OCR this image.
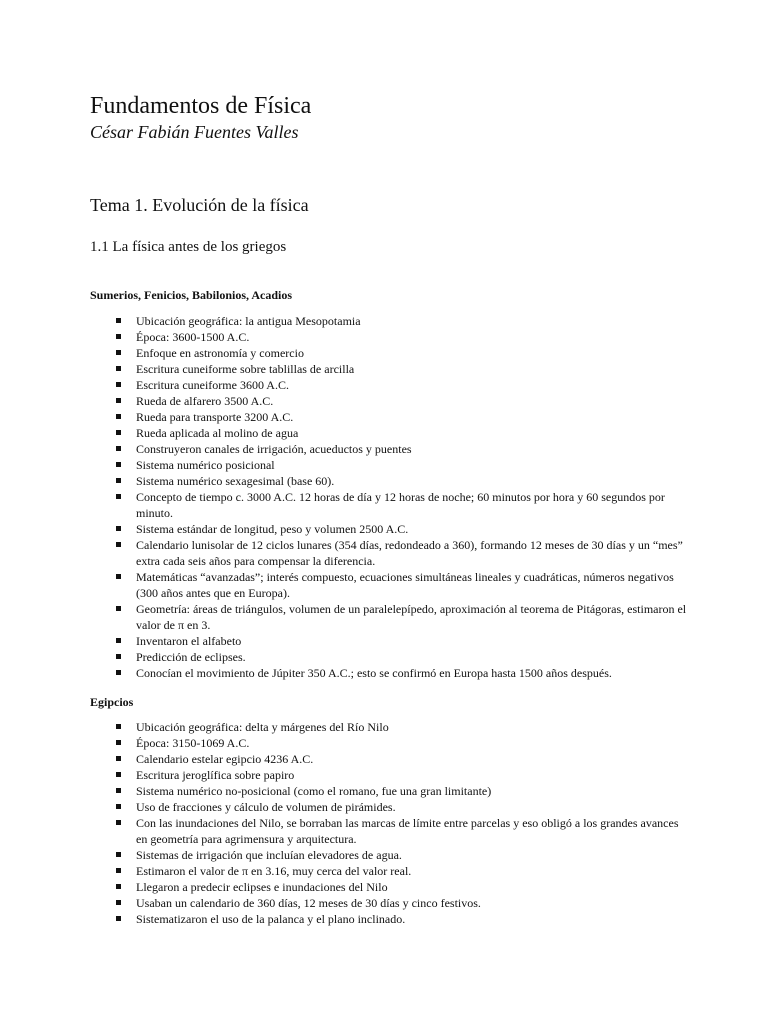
Fundamentos de Física
César Fabián Fuentes Valles
Tema 1. Evolución de la física
1.1 La física antes de los griegos
Sumerios, Fenicios, Babilonios, Acadios
Ubicación geográfica: la antigua Mesopotamia
Época: 3600-1500 A.C.
Enfoque en astronomía y comercio
Escritura cuneiforme sobre tablillas de arcilla
Escritura cuneiforme 3600 A.C.
Rueda de alfarero 3500 A.C.
Rueda para transporte 3200 A.C.
Rueda aplicada al molino de agua
Construyeron canales de irrigación, acueductos y puentes
Sistema numérico posicional
Sistema numérico sexagesimal (base 60).
Concepto de tiempo c. 3000 A.C. 12 horas de día y 12 horas de noche; 60 minutos por hora y 60 segundos por minuto.
Sistema estándar de longitud, peso y volumen 2500 A.C.
Calendario lunisolar de 12 ciclos lunares (354 días, redondeado a 360), formando 12 meses de 30 días y un “mes” extra cada seis años para compensar la diferencia.
Matemáticas “avanzadas”; interés compuesto, ecuaciones simultáneas lineales y cuadráticas, números negativos (300 años antes que en Europa).
Geometría: áreas de triángulos, volumen de un paralelepípedo, aproximación al teorema de Pitágoras, estimaron el valor de π en 3.
Inventaron el alfabeto
Predicción de eclipses.
Conocían el movimiento de Júpiter 350 A.C.; esto se confirmó en Europa hasta 1500 años después.
Egipcios
Ubicación geográfica: delta y márgenes del Río Nilo
Época: 3150-1069 A.C.
Calendario estelar egipcio 4236 A.C.
Escritura jeroglífica sobre papiro
Sistema numérico no-posicional (como el romano, fue una gran limitante)
Uso de fracciones y cálculo de volumen de pirámides.
Con las inundaciones del Nilo, se borraban las marcas de límite entre parcelas y eso obligó a los grandes avances en geometría para agrimensura y arquitectura.
Sistemas de irrigación que incluían elevadores de agua.
Estimaron el valor de π en 3.16, muy cerca del valor real.
Llegaron a predecir eclipses e inundaciones del Nilo
Usaban un calendario de 360 días, 12 meses de 30 días y cinco festivos.
Sistematizaron el uso de la palanca y el plano inclinado.
